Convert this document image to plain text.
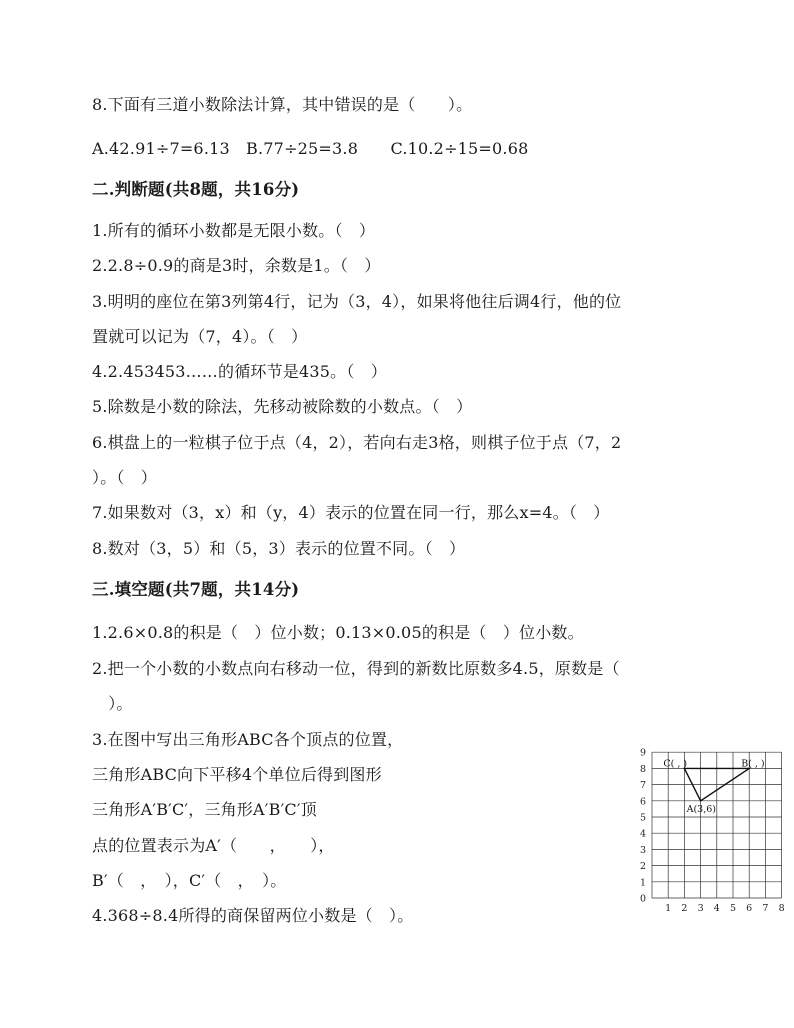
8.下面有三道小数除法计算，其中错误的是（　　）。
A.42.91÷7=6.13　B.77÷25=3.8　　C.10.2÷15=0.68
二.判断题(共8题，共16分)
1.所有的循环小数都是无限小数。（　）
2.2.8÷0.9的商是3时，余数是1。（　）
3.明明的座位在第3列第4行，记为（3，4），如果将他往后调4行，他的位
置就可以记为（7，4）。（　）
4.2.453453……的循环节是435。（　）
5.除数是小数的除法，先移动被除数的小数点。（　）
6.棋盘上的一粒棋子位于点（4，2），若向右走3格，则棋子位于点（7，2
）。（　）
7.如果数对（3，x）和（y，4）表示的位置在同一行，那么x=4。（　）
8.数对（3，5）和（5，3）表示的位置不同。（　）
三.填空题(共7题，共14分)
1.2.6×0.8的积是（　）位小数；0.13×0.05的积是（　）位小数。
2.把一个小数的小数点向右移动一位，得到的新数比原数多4.5，原数是（
　）。
3.在图中写出三角形ABC各个顶点的位置，
三角形ABC向下平移4个单位后得到图形
三角形A′B′C′，三角形A′B′C′顶
点的位置表示为A′（　　，　　），
B′（　，　），C′（　，　）。
4.368÷8.4所得的商保留两位小数是（　）。	1 2 3 4 5 6 7 8
0
1
2
3
4
5
6
7
8
9
C( , )	B( , )
A(3,6)
